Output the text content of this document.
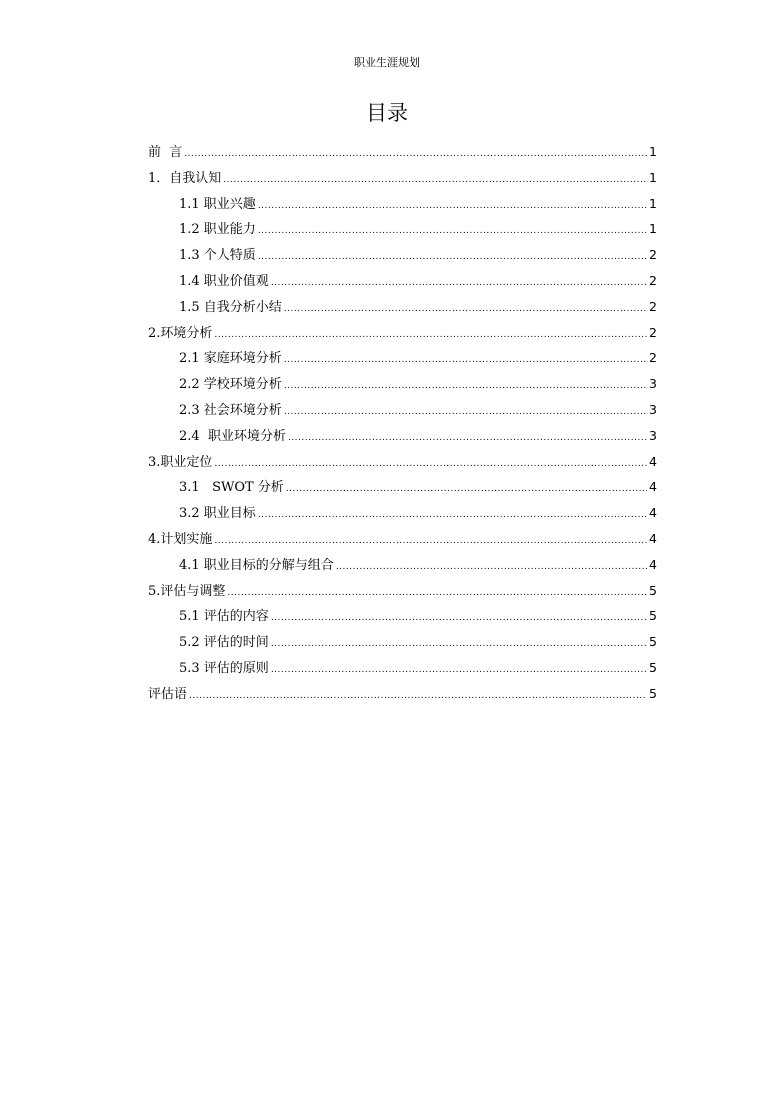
职业生涯规划
目录
前  言 .....	1
1．自我认知 .....	1
1.1 职业兴趣 .....	1
1.2 职业能力 .....	1
1.3 个人特质 .....	2
1.4 职业价值观 .....	2
1.5 自我分析小结 .....	2
2.环境分析 .....	2
2.1 家庭环境分析 .....	2
2.2 学校环境分析 .....	3
2.3 社会环境分析 .....	3
2.4  职业环境分析 .....	3
3.职业定位 .....	4
3.1   SWOT 分析 .....	4
3.2 职业目标 .....	4
4.计划实施 .....	4
4.1 职业目标的分解与组合 .....	4
5.评估与调整 .....	5
5.1 评估的内容 .....	5
5.2 评估的时间 .....	5
5.3 评估的原则 .....	5
评估语 .....	5
